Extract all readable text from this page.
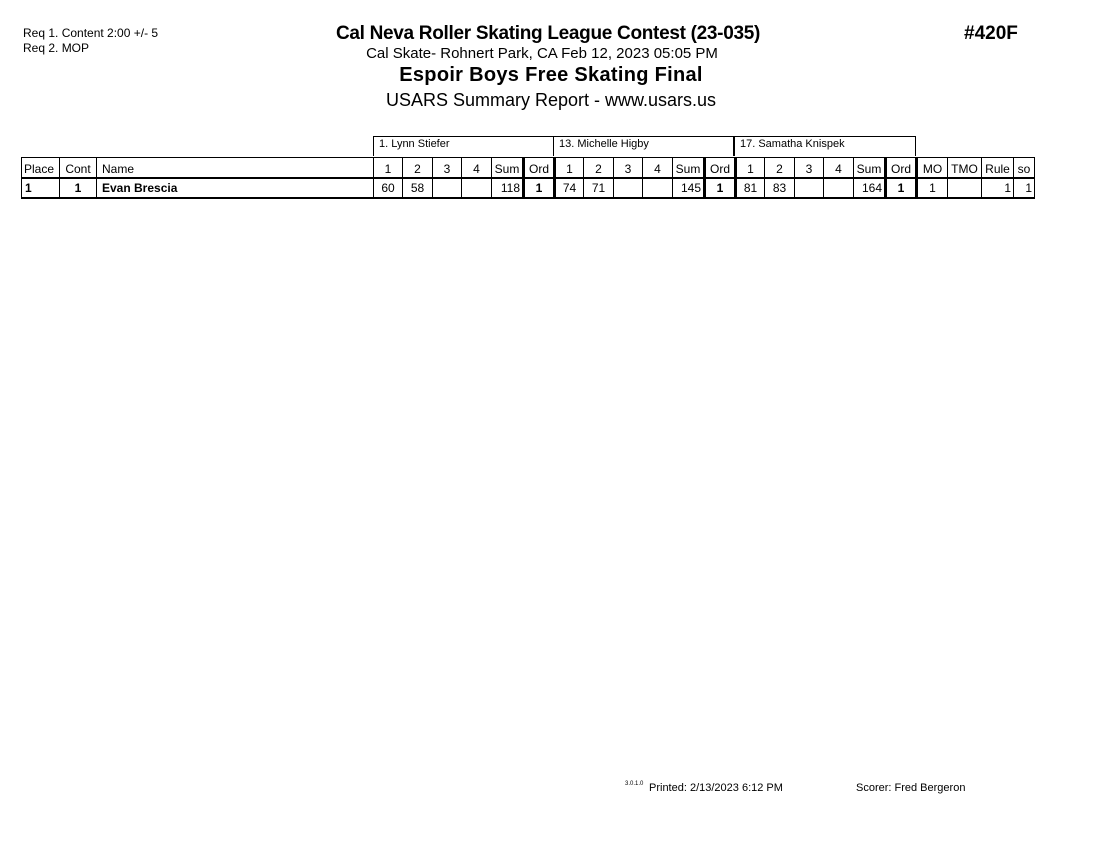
Req 1. Content 2:00 +/- 5
Req 2. MOP
Cal Neva Roller Skating League Contest (23-035)
Cal Skate- Rohnert Park, CA Feb 12, 2023 05:05 PM
Espoir Boys Free Skating Final
USARS Summary Report - www.usars.us
#420F
1. Lynn Stiefer	13. Michelle Higby	17. Samatha Knispek
Place	Cont	Name	1	2	3	4	Sum	Ord	1	2	3	4	Sum	Ord	1	2	3	4	Sum	Ord	MO	TMO	Rule	so
1	1	Evan Brescia	60	58			118	1	74	71			145	1	81	83			164	1	1		1	1
3.0.1.0 Printed: 2/13/2023 6:12 PM	Scorer: Fred Bergeron
